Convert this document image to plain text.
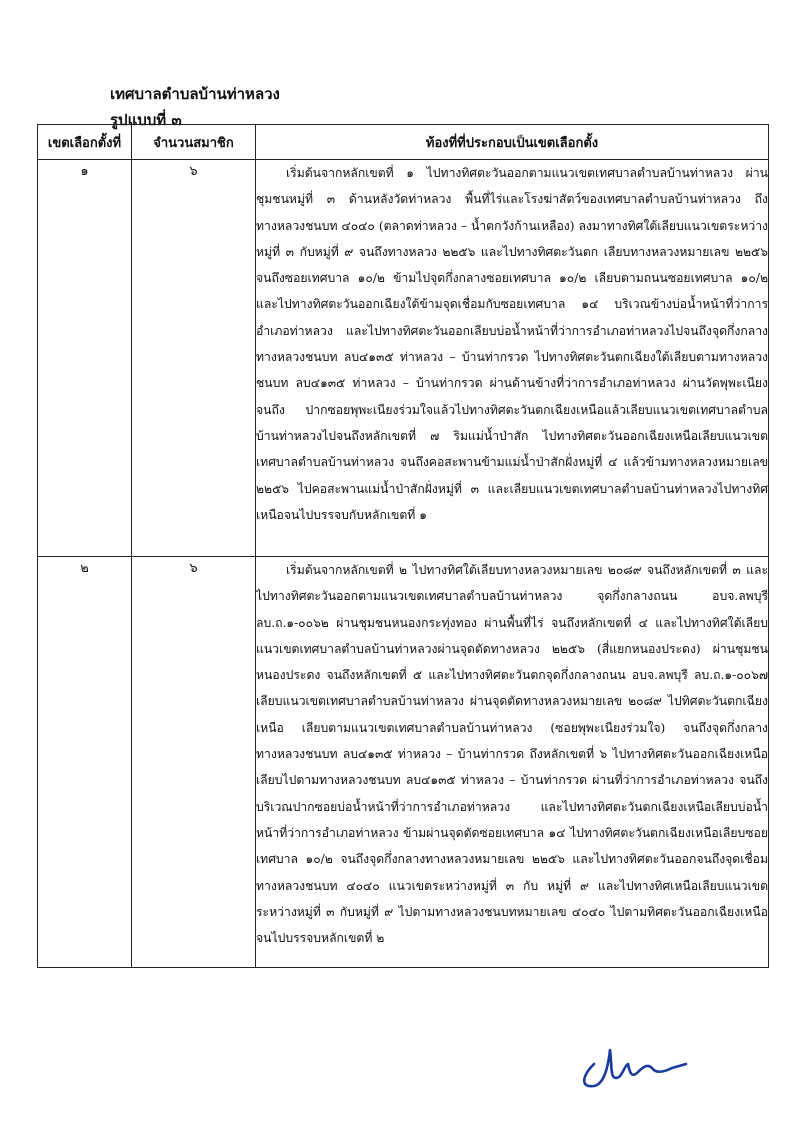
เทศบาลตำบลบ้านท่าหลวง
รูปแบบที่ ๓
เขตเลือกตั้งที่	จำนวนสมาชิก	ท้องที่ที่ประกอบเป็นเขตเลือกตั้ง
๑	๖	เริ่มต้นจากหลักเขตที่ ๑ ไปทางทิศตะวันออกตามแนวเขตเทศบาลตำบลบ้านท่าหลวง ผ่านชุมชนหมู่ที่ ๓ ด้านหลังวัดท่าหลวง พื้นที่ไร่และโรงฆ่าสัตว์ของเทศบาลตำบลบ้านท่าหลวง ถึงทางหลวงชนบท ๔๐๔๐ (ตลาดท่าหลวง – น้ำตกวังก้านเหลือง) ลงมาทางทิศใต้เลียบแนวเขตระหว่างหมู่ที่ ๓ กับหมู่ที่ ๙ จนถึงทางหลวง ๒๒๕๖ และไปทางทิศตะวันตก เลียบทางหลวงหมายเลข ๒๒๕๖ จนถึงซอยเทศบาล ๑๐/๒ ข้ามไปจุดกึ่งกลางซอยเทศบาล ๑๐/๒ เลียบตามถนนซอยเทศบาล ๑๐/๒ และไปทางทิศตะวันออกเฉียงใต้ข้ามจุดเชื่อมกับซอยเทศบาล ๑๔ บริเวณข้างบ่อน้ำหน้าที่ว่าการอำเภอท่าหลวง และไปทางทิศตะวันออกเลียบบ่อน้ำหน้าที่ว่าการอำเภอท่าหลวงไปจนถึงจุดกึ่งกลางทางหลวงชนบท ลบ๔๑๓๕ ท่าหลวง – บ้านท่ากรวด ไปทางทิศตะวันตกเฉียงใต้เลียบตามทางหลวงชนบท ลบ๔๑๓๕ ท่าหลวง – บ้านท่ากรวด ผ่านด้านข้างที่ว่าการอำเภอท่าหลวง ผ่านวัดพุพะเนียง จนถึง ปากซอยพุพะเนียงร่วมใจแล้วไปทางทิศตะวันตกเฉียงเหนือแล้วเลียบแนวเขตเทศบาลตำบลบ้านท่าหลวงไปจนถึงหลักเขตที่ ๗ ริมแม่น้ำป่าสัก ไปทางทิศตะวันออกเฉียงเหนือเลียบแนวเขตเทศบาลตำบลบ้านท่าหลวง จนถึงคอสะพานข้ามแม่น้ำป่าสักฝั่งหมู่ที่ ๔ แล้วข้ามทางหลวงหมายเลข ๒๒๕๖ ไปคอสะพานแม่น้ำป่าสักฝั่งหมู่ที่ ๓ และเลียบแนวเขตเทศบาลตำบลบ้านท่าหลวงไปทางทิศเหนือจนไปบรรจบกับหลักเขตที่ ๑

๒	๖	เริ่มต้นจากหลักเขตที่ ๒ ไปทางทิศใต้เลียบทางหลวงหมายเลข ๒๐๘๙ จนถึงหลักเขตที่ ๓ และไปทางทิศตะวันออกตามแนวเขตเทศบาลตำบลบ้านท่าหลวง จุดกึ่งกลางถนน อบจ.ลพบุรี ลบ.ถ.๑-๐๐๖๒ ผ่านชุมชนหนองกระทุ่งทอง ผ่านพื้นที่ไร่ จนถึงหลักเขตที่ ๔ และไปทางทิศใต้เลียบแนวเขตเทศบาลตำบลบ้านท่าหลวงผ่านจุดตัดทางหลวง ๒๒๕๖ (สี่แยกหนองประดง) ผ่านชุมชนหนองประดง จนถึงหลักเขตที่ ๕ และไปทางทิศตะวันตกจุดกึ่งกลางถนน อบจ.ลพบุรี ลบ.ถ.๑-๐๐๖๗ เลียบแนวเขตเทศบาลตำบลบ้านท่าหลวง ผ่านจุดตัดทางหลวงหมายเลข ๒๐๘๙ ไปทิศตะวันตกเฉียงเหนือ เลียบตามแนวเขตเทศบาลตำบลบ้านท่าหลวง (ซอยพุพะเนียงร่วมใจ) จนถึงจุดกึ่งกลางทางหลวงชนบท ลบ๔๑๓๕ ท่าหลวง – บ้านท่ากรวด ถึงหลักเขตที่ ๖ ไปทางทิศตะวันออกเฉียงเหนือเลียบไปตามทางหลวงชนบท ลบ๔๑๓๕ ท่าหลวง – บ้านท่ากรวด ผ่านที่ว่าการอำเภอท่าหลวง จนถึงบริเวณปากซอยบ่อน้ำหน้าที่ว่าการอำเภอท่าหลวง และไปทางทิศตะวันตกเฉียงเหนือเลียบบ่อน้ำหน้าที่ว่าการอำเภอท่าหลวง ข้ามผ่านจุดตัดซอยเทศบาล ๑๔ ไปทางทิศตะวันตกเฉียงเหนือเลียบซอยเทศบาล ๑๐/๒ จนถึงจุดกึ่งกลางทางหลวงหมายเลข ๒๒๕๖ และไปทางทิศตะวันออกจนถึงจุดเชื่อมทางหลวงชนบท ๔๐๔๐ แนวเขตระหว่างหมู่ที่ ๓ กับ หมู่ที่ ๙ และไปทางทิศเหนือเลียบแนวเขตระหว่างหมู่ที่ ๓ กับหมู่ที่ ๙ ไปตามทางหลวงชนบทหมายเลข ๔๐๔๐ ไปตามทิศตะวันออกเฉียงเหนือจนไปบรรจบหลักเขตที่ ๒
